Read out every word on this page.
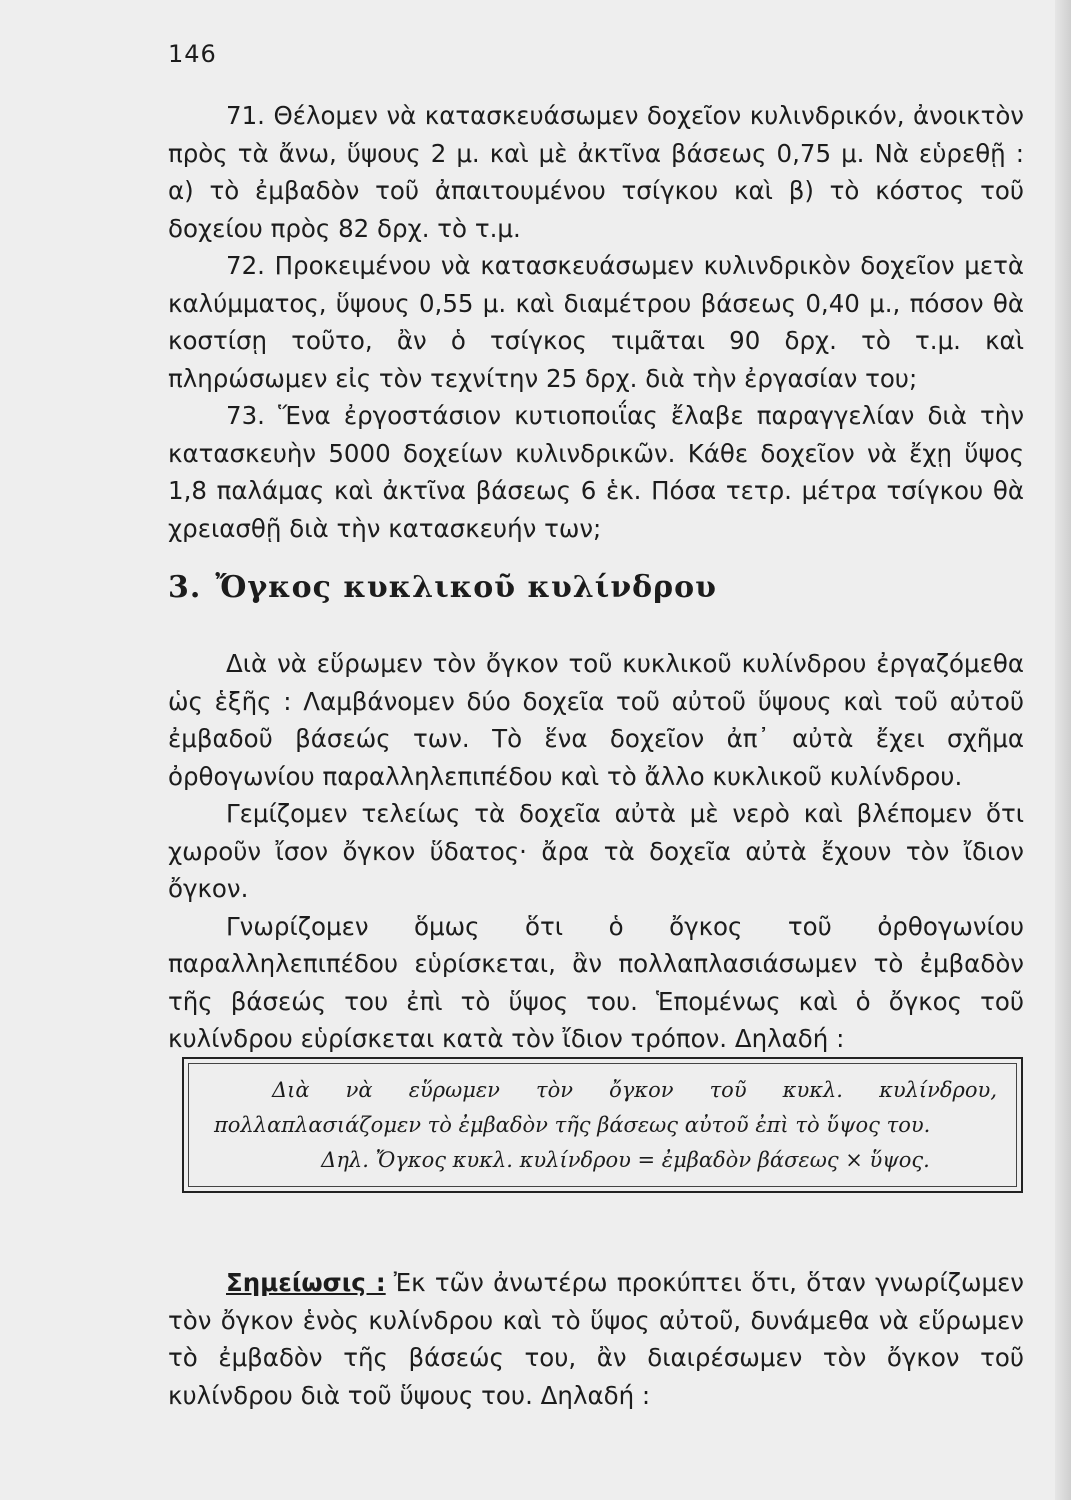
146

71. Θέλομεν νὰ κατασκευάσωμεν δοχεῖον κυλινδρικόν, ἀνοικτὸν πρὸς τὰ ἄνω, ὕψους 2 μ. καὶ μὲ ἀκτῖνα βάσεως 0,75 μ. Νὰ εὑρεθῇ : α) τὸ ἐμβαδὸν τοῦ ἀπαιτουμένου τσίγκου καὶ β) τὸ κόστος τοῦ δοχείου πρὸς 82 δρχ. τὸ τ.μ.

72. Προκειμένου νὰ κατασκευάσωμεν κυλινδρικὸν δοχεῖον μετὰ καλύμματος, ὕψους 0,55 μ. καὶ διαμέτρου βάσεως 0,40 μ., πόσον θὰ κοστίσῃ τοῦτο, ἂν ὁ τσίγκος τιμᾶται 90 δρχ. τὸ τ.μ. καὶ πληρώσωμεν εἰς τὸν τεχνίτην 25 δρχ. διὰ τὴν ἐργασίαν του;

73. Ἕνα ἐργοστάσιον κυτιοποιΐας ἔλαβε παραγγελίαν διὰ τὴν κατασκευὴν 5000 δοχείων κυλινδρικῶν. Κάθε δοχεῖον νὰ ἔχῃ ὕψος 1,8 παλάμας καὶ ἀκτῖνα βάσεως 6 ἑκ. Πόσα τετρ. μέτρα τσίγκου θὰ χρειασθῇ διὰ τὴν κατασκευήν των;

3. Ὄγκος κυκλικοῦ κυλίνδρου

Διὰ νὰ εὕρωμεν τὸν ὄγκον τοῦ κυκλικοῦ κυλίνδρου ἐργαζόμεθα ὡς ἑξῆς : Λαμβάνομεν δύο δοχεῖα τοῦ αὐτοῦ ὕψους καὶ τοῦ αὐτοῦ ἐμβαδοῦ βάσεώς των. Τὸ ἕνα δοχεῖον ἀπ᾽ αὐτὰ ἔχει σχῆμα ὀρθογωνίου παραλληλεπιπέδου καὶ τὸ ἄλλο κυκλικοῦ κυλίνδρου.

Γεμίζομεν τελείως τὰ δοχεῖα αὐτὰ μὲ νερὸ καὶ βλέπομεν ὅτι χωροῦν ἴσον ὄγκον ὕδατος· ἄρα τὰ δοχεῖα αὐτὰ ἔχουν τὸν ἴδιον ὄγκον.

Γνωρίζομεν ὅμως ὅτι ὁ ὄγκος τοῦ ὀρθογωνίου παραλληλεπιπέδου εὑρίσκεται, ἂν πολλαπλασιάσωμεν τὸ ἐμβαδὸν τῆς βάσεώς του ἐπὶ τὸ ὕψος του. Ἑπομένως καὶ ὁ ὄγκος τοῦ κυλίνδρου εὑρίσκεται κατὰ τὸν ἴδιον τρόπον. Δηλαδή :

Διὰ νὰ εὕρωμεν τὸν ὄγκον τοῦ κυκλ. κυλίνδρου, πολλαπλασιάζομεν τὸ ἐμβαδὸν τῆς βάσεως αὐτοῦ ἐπὶ τὸ ὕψος του.
Δηλ. Ὄγκος κυκλ. κυλίνδρου = ἐμβαδὸν βάσεως × ὕψος.

Σημείωσις : Ἐκ τῶν ἀνωτέρω προκύπτει ὅτι, ὅταν γνωρίζωμεν τὸν ὄγκον ἑνὸς κυλίνδρου καὶ τὸ ὕψος αὐτοῦ, δυνάμεθα νὰ εὕρωμεν τὸ ἐμβαδὸν τῆς βάσεώς του, ἂν διαιρέσωμεν τὸν ὄγκον τοῦ κυλίνδρου διὰ τοῦ ὕψους του. Δηλαδή :
